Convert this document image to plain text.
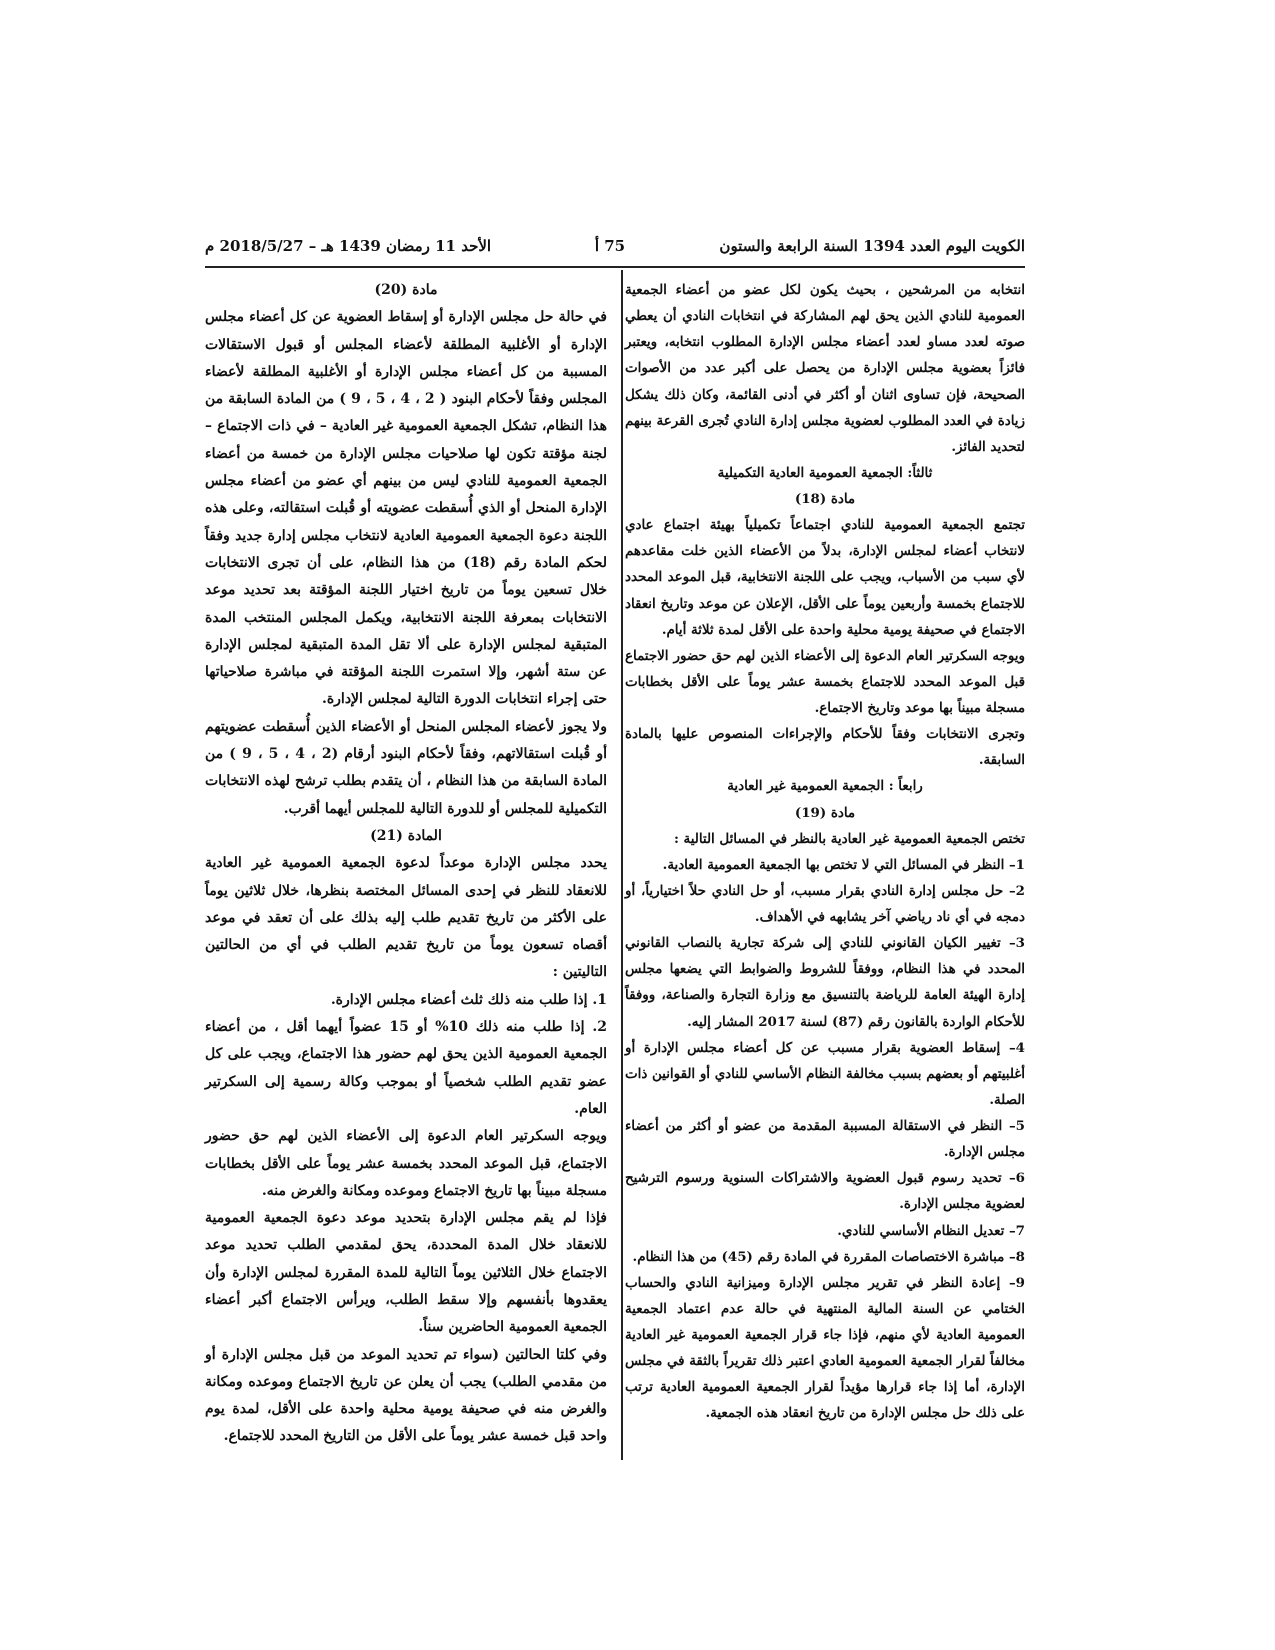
الكويت اليوم العدد 1394 السنة الرابعة والستون
75 أ
الأحد 11 رمضان 1439 هـ – 2018/5/27 م

انتخابه من المرشحين ، بحيث يكون لكل عضو من أعضاء الجمعية العمومية للنادي الذين يحق لهم المشاركة في انتخابات النادي أن يعطي صوته لعدد مساو لعدد أعضاء مجلس الإدارة المطلوب انتخابه، ويعتبر فائزاً بعضوية مجلس الإدارة من يحصل على أكبر عدد من الأصوات الصحيحة، فإن تساوى اثنان أو أكثر في أدنى القائمة، وكان ذلك يشكل زيادة في العدد المطلوب لعضوية مجلس إدارة النادي تُجرى القرعة بينهم لتحديد الفائز.

ثالثاً: الجمعية العمومية العادية التكميلية

مادة (18)

تجتمع الجمعية العمومية للنادي اجتماعاً تكميلياً بهيئة اجتماع عادي لانتخاب أعضاء لمجلس الإدارة، بدلاً من الأعضاء الذين خلت مقاعدهم لأي سبب من الأسباب، ويجب على اللجنة الانتخابية، قبل الموعد المحدد للاجتماع بخمسة وأربعين يوماً على الأقل، الإعلان عن موعد وتاريخ انعقاد الاجتماع في صحيفة يومية محلية واحدة على الأقل لمدة ثلاثة أيام.

ويوجه السكرتير العام الدعوة إلى الأعضاء الذين لهم حق حضور الاجتماع قبل الموعد المحدد للاجتماع بخمسة عشر يوماً على الأقل بخطابات مسجلة مبيناً بها موعد وتاريخ الاجتماع.

وتجرى الانتخابات وفقاً للأحكام والإجراءات المنصوص عليها بالمادة السابقة.

رابعاً : الجمعية العمومية غير العادية

مادة (19)

تختص الجمعية العمومية غير العادية بالنظر في المسائل التالية :

1– النظر في المسائل التي لا تختص بها الجمعية العمومية العادية.

2– حل مجلس إدارة النادي بقرار مسبب، أو حل النادي حلاً اختيارياً، أو دمجه في أي ناد رياضي آخر يشابهه في الأهداف.

3– تغيير الكيان القانوني للنادي إلى شركة تجارية بالنصاب القانوني المحدد في هذا النظام، ووفقاً للشروط والضوابط التي يضعها مجلس إدارة الهيئة العامة للرياضة بالتنسيق مع وزارة التجارة والصناعة، ووفقاً للأحكام الواردة بالقانون رقم (87) لسنة 2017 المشار إليه.

4– إسقاط العضوية بقرار مسبب عن كل أعضاء مجلس الإدارة أو أغلبيتهم أو بعضهم بسبب مخالفة النظام الأساسي للنادي أو القوانين ذات الصلة.

5– النظر في الاستقالة المسببة المقدمة من عضو أو أكثر من أعضاء مجلس الإدارة.

6– تحديد رسوم قبول العضوية والاشتراكات السنوية ورسوم الترشيح لعضوية مجلس الإدارة.

7– تعديل النظام الأساسي للنادي.

8– مباشرة الاختصاصات المقررة في المادة رقم (45) من هذا النظام.

9– إعادة النظر في تقرير مجلس الإدارة وميزانية النادي والحساب الختامي عن السنة المالية المنتهية في حالة عدم اعتماد الجمعية العمومية العادية لأي منهم، فإذا جاء قرار الجمعية العمومية غير العادية مخالفاً لقرار الجمعية العمومية العادي اعتبر ذلك تقريراً بالثقة في مجلس الإدارة، أما إذا جاء قرارها مؤيداً لقرار الجمعية العمومية العادية ترتب على ذلك حل مجلس الإدارة من تاريخ انعقاد هذه الجمعية.

مادة (20)

في حالة حل مجلس الإدارة أو إسقاط العضوية عن كل أعضاء مجلس الإدارة أو الأغلبية المطلقة لأعضاء المجلس أو قبول الاستقالات المسببة من كل أعضاء مجلس الإدارة أو الأغلبية المطلقة لأعضاء المجلس وفقاً لأحكام البنود ( 2 ، 4 ، 5 ، 9 ) من المادة السابقة من هذا النظام، تشكل الجمعية العمومية غير العادية – في ذات الاجتماع – لجنة مؤقتة تكون لها صلاحيات مجلس الإدارة من خمسة من أعضاء الجمعية العمومية للنادي ليس من بينهم أي عضو من أعضاء مجلس الإدارة المنحل أو الذي أُسقطت عضويته أو قُبلت استقالته، وعلى هذه اللجنة دعوة الجمعية العمومية العادية لانتخاب مجلس إدارة جديد وفقاً لحكم المادة رقم (18) من هذا النظام، على أن تجرى الانتخابات خلال تسعين يوماً من تاريخ اختيار اللجنة المؤقتة بعد تحديد موعد الانتخابات بمعرفة اللجنة الانتخابية، ويكمل المجلس المنتخب المدة المتبقية لمجلس الإدارة على ألا تقل المدة المتبقية لمجلس الإدارة عن ستة أشهر، وإلا استمرت اللجنة المؤقتة في مباشرة صلاحياتها حتى إجراء انتخابات الدورة التالية لمجلس الإدارة.

ولا يجوز لأعضاء المجلس المنحل أو الأعضاء الذين أُسقطت عضويتهم أو قُبلت استقالاتهم، وفقاً لأحكام البنود أرقام (2 ، 4 ، 5 ، 9 ) من المادة السابقة من هذا النظام ، أن يتقدم بطلب ترشح لهذه الانتخابات التكميلية للمجلس أو للدورة التالية للمجلس أيهما أقرب.

المادة (21)

يحدد مجلس الإدارة موعداً لدعوة الجمعية العمومية غير العادية للانعقاد للنظر في إحدى المسائل المختصة بنظرها، خلال ثلاثين يوماً على الأكثر من تاريخ تقديم طلب إليه بذلك على أن تعقد في موعد أقصاه تسعون يوماً من تاريخ تقديم الطلب في أي من الحالتين التاليتين :

1. إذا طلب منه ذلك ثلث أعضاء مجلس الإدارة.

2. إذا طلب منه ذلك 10% أو 15 عضواً أيهما أقل ، من أعضاء الجمعية العمومية الذين يحق لهم حضور هذا الاجتماع، ويجب على كل عضو تقديم الطلب شخصياً أو بموجب وكالة رسمية إلى السكرتير العام.

ويوجه السكرتير العام الدعوة إلى الأعضاء الذين لهم حق حضور الاجتماع، قبل الموعد المحدد بخمسة عشر يوماً على الأقل بخطابات مسجلة مبيناً بها تاريخ الاجتماع وموعده ومكانة والغرض منه.

فإذا لم يقم مجلس الإدارة بتحديد موعد دعوة الجمعية العمومية للانعقاد خلال المدة المحددة، يحق لمقدمي الطلب تحديد موعد الاجتماع خلال الثلاثين يوماً التالية للمدة المقررة لمجلس الإدارة وأن يعقدوها بأنفسهم وإلا سقط الطلب، ويرأس الاجتماع أكبر أعضاء الجمعية العمومية الحاضرين سناً.

وفي كلتا الحالتين (سواء تم تحديد الموعد من قبل مجلس الإدارة أو من مقدمي الطلب) يجب أن يعلن عن تاريخ الاجتماع وموعده ومكانة والغرض منه في صحيفة يومية محلية واحدة على الأقل، لمدة يوم واحد قبل خمسة عشر يوماً على الأقل من التاريخ المحدد للاجتماع.
